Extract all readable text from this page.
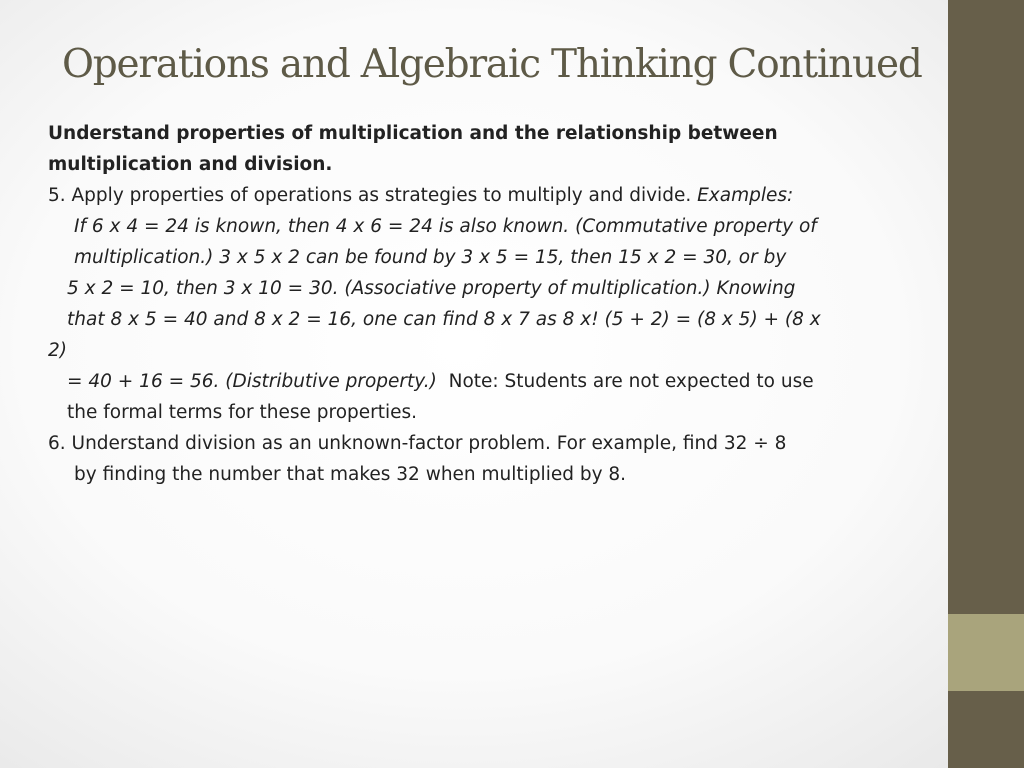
Operations and Algebraic Thinking Continued
Understand properties of multiplication and the relationship between
multiplication and division.
5. Apply properties of operations as strategies to multiply and divide. Examples:
If 6 x 4 = 24 is known, then 4 x 6 = 24 is also known. (Commutative property of
multiplication.) 3 x 5 x 2 can be found by 3 x 5 = 15, then 15 x 2 = 30, or by
5 x 2 = 10, then 3 x 10 = 30. (Associative property of multiplication.) Knowing
that 8 x 5 = 40 and 8 x 2 = 16, one can find 8 x 7 as 8 x! (5 + 2) = (8 x 5) + (8 x
2)
= 40 + 16 = 56. (Distributive property.)  Note: Students are not expected to use
the formal terms for these properties.
6. Understand division as an unknown-factor problem. For example, find 32 ÷ 8
by finding the number that makes 32 when multiplied by 8.
